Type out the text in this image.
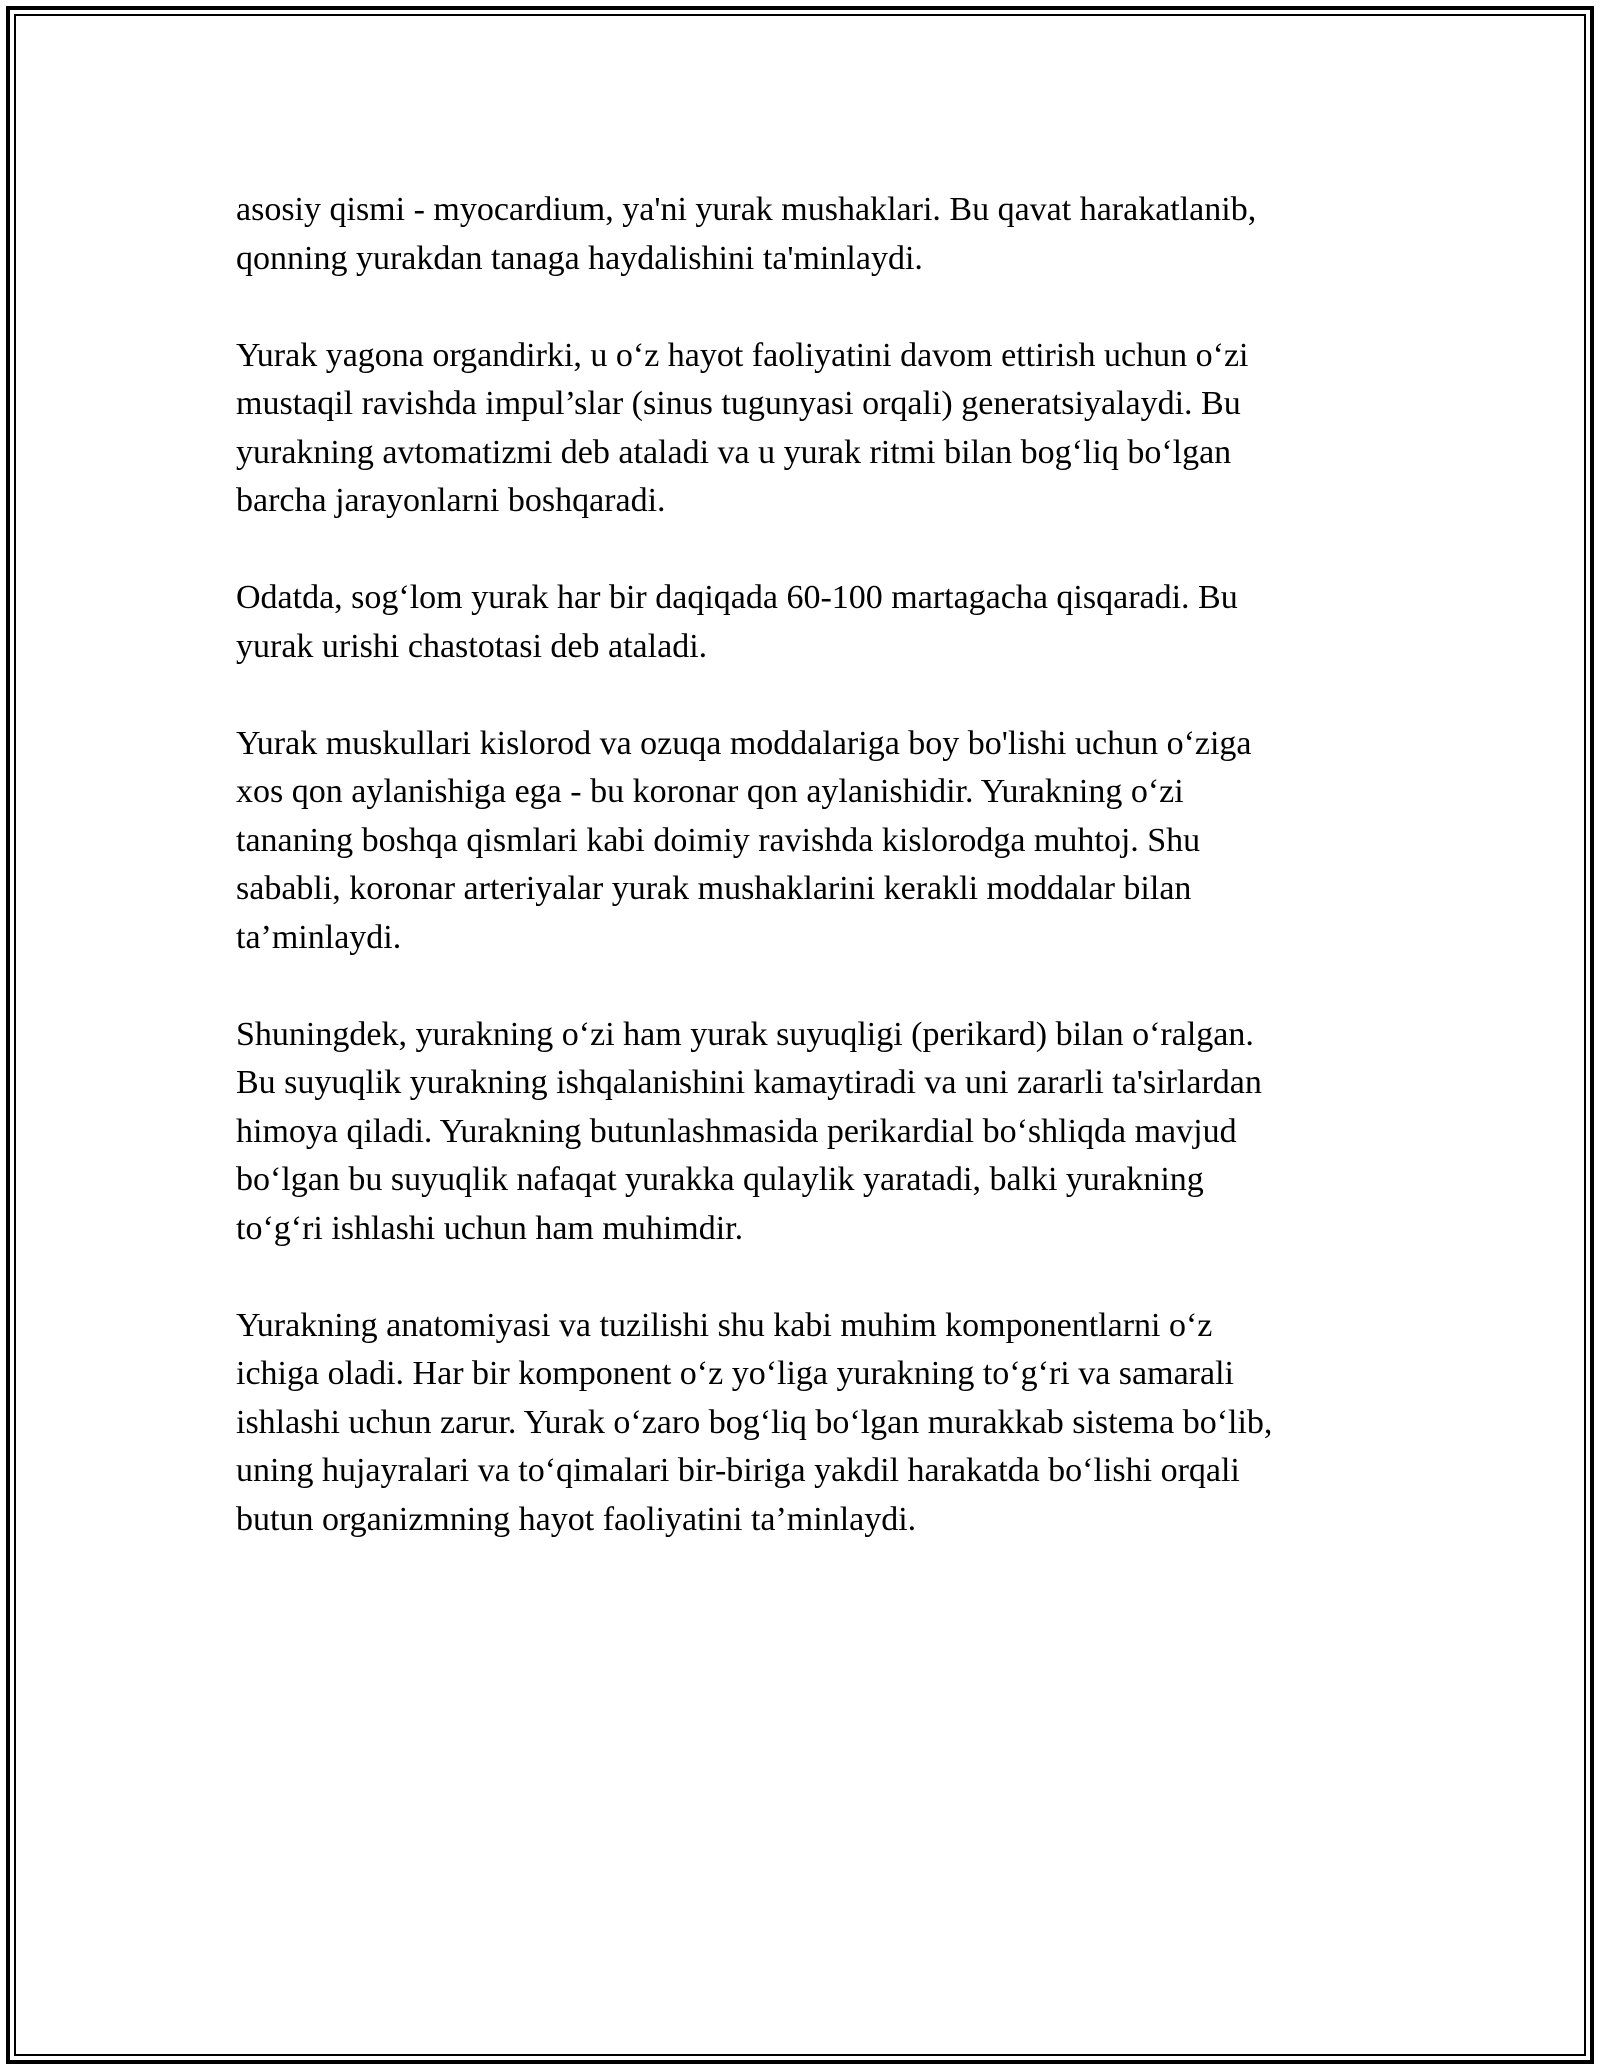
asosiy qismi - myocardium, ya'ni yurak mushaklari. Bu qavat harakatlanib,
qonning yurakdan tanaga haydalishini ta'minlaydi.

Yurak yagona organdirki, u o‘z hayot faoliyatini davom ettirish uchun o‘zi
mustaqil ravishda impul’slar (sinus tugunyasi orqali) generatsiyalaydi. Bu
yurakning avtomatizmi deb ataladi va u yurak ritmi bilan bog‘liq bo‘lgan
barcha jarayonlarni boshqaradi.

Odatda, sog‘lom yurak har bir daqiqada 60-100 martagacha qisqaradi. Bu
yurak urishi chastotasi deb ataladi.

Yurak muskullari kislorod va ozuqa moddalariga boy bo'lishi uchun o‘ziga
xos qon aylanishiga ega - bu koronar qon aylanishidir. Yurakning o‘zi
tananing boshqa qismlari kabi doimiy ravishda kislorodga muhtoj. Shu
sababli, koronar arteriyalar yurak mushaklarini kerakli moddalar bilan
ta’minlaydi.

Shuningdek, yurakning o‘zi ham yurak suyuqligi (perikard) bilan o‘ralgan.
Bu suyuqlik yurakning ishqalanishini kamaytiradi va uni zararli ta'sirlardan
himoya qiladi. Yurakning butunlashmasida perikardial bo‘shliqda mavjud
bo‘lgan bu suyuqlik nafaqat yurakka qulaylik yaratadi, balki yurakning
to‘g‘ri ishlashi uchun ham muhimdir.

Yurakning anatomiyasi va tuzilishi shu kabi muhim komponentlarni o‘z
ichiga oladi. Har bir komponent o‘z yo‘liga yurakning to‘g‘ri va samarali
ishlashi uchun zarur. Yurak o‘zaro bog‘liq bo‘lgan murakkab sistema bo‘lib,
uning hujayralari va to‘qimalari bir-biriga yakdil harakatda bo‘lishi orqali
butun organizmning hayot faoliyatini ta’minlaydi.
